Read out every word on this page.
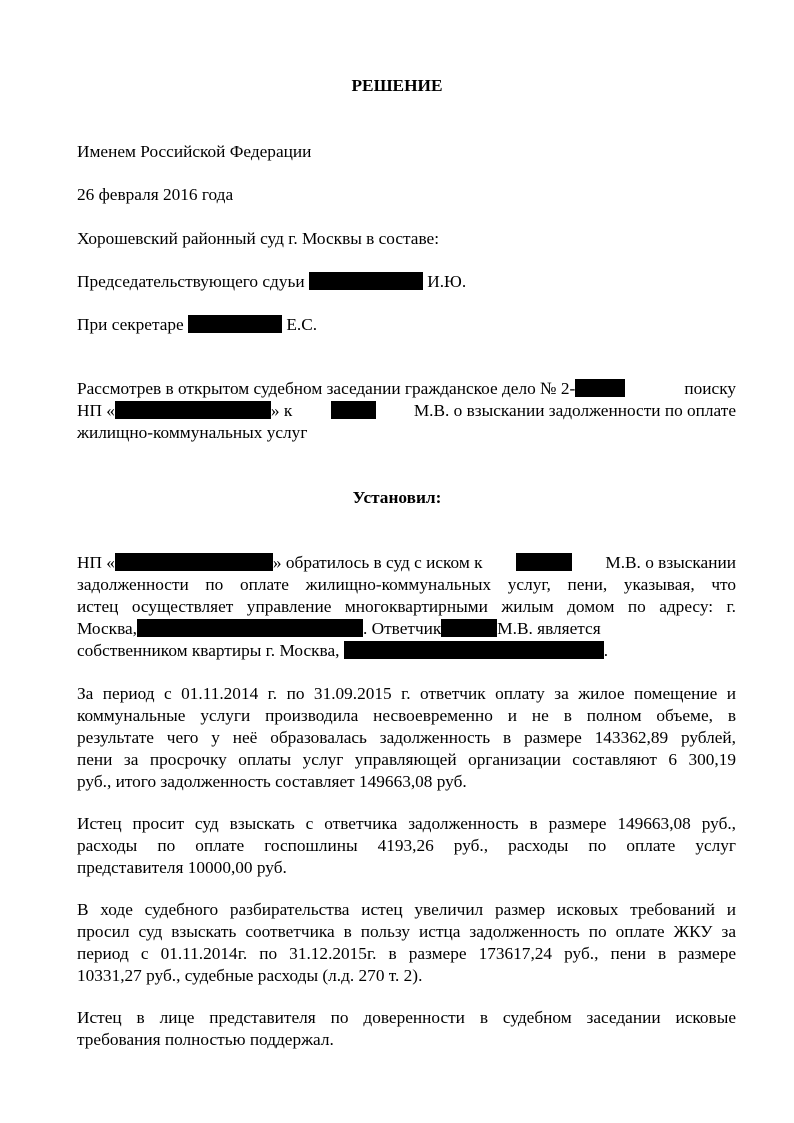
РЕШЕНИЕ
Именем Российской Федерации
26 февраля 2016 года
Хорошевский районный суд г. Москвы в составе:
Председательствующего сдуьи	И.Ю.
При секретаре	Е.С.
Рассмотрев в открытом судебном заседании гражданское дело № 2-	поиску
НП «	» к	М.В. о взыскании задолженности по оплате
жилищно-коммунальных услуг
Установил:
НП «	» обратилось в суд с иском к	М.В. о взыскании
задолженности по оплате жилищно-коммунальных услуг, пени, указывая, что
истец осуществляет управление многоквартирными жилым домом по адресу: г.
Москва,	. Ответчик	М.В. является
собственником квартиры г. Москва,	.
За период с 01.11.2014 г. по 31.09.2015 г. ответчик оплату за жилое помещение и
коммунальные услуги производила несвоевременно и не в полном объеме, в
результате чего у неё образовалась задолженность в размере 143362,89 рублей,
пени за просрочку оплаты услуг управляющей организации составляют 6 300,19
руб., итого задолженность составляет 149663,08 руб.
Истец просит суд взыскать с ответчика задолженность в размере 149663,08 руб.,
расходы по оплате госпошлины 4193,26 руб., расходы по оплате услуг
представителя 10000,00 руб.
В ходе судебного разбирательства истец увеличил размер исковых требований и
просил суд взыскать соответчика в пользу истца задолженность по оплате ЖКУ за
период с 01.11.2014г. по 31.12.2015г. в размере 173617,24 руб., пени в размере
10331,27 руб., судебные расходы (л.д. 270 т. 2).
Истец в лице представителя по доверенности в судебном заседании исковые
требования полностью поддержал.
